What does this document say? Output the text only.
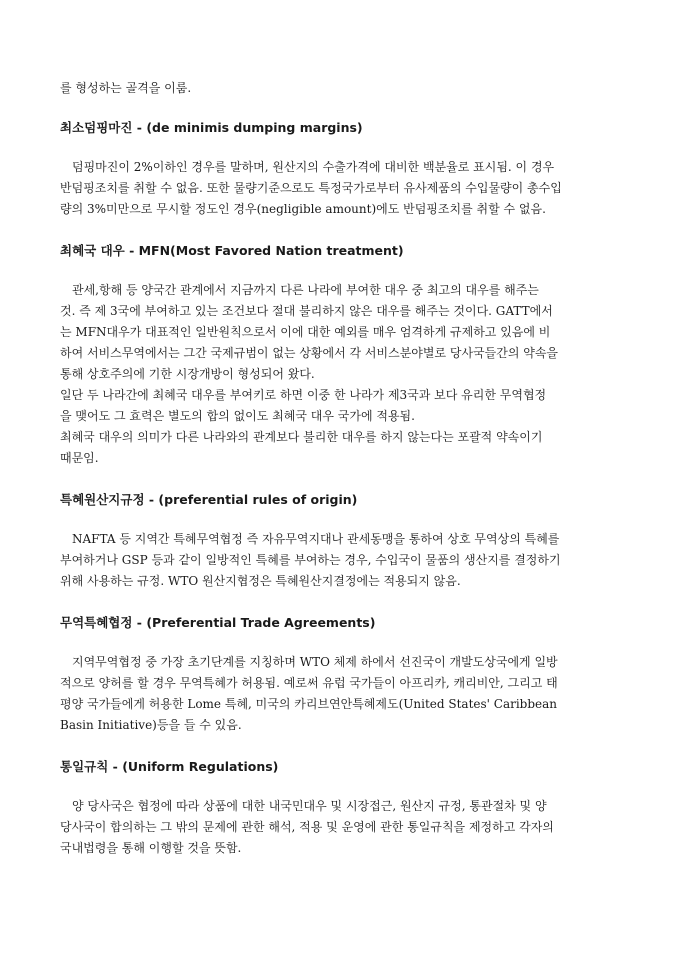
를 형성하는 골격을 이룸.

최소덤핑마진 - (de minimis dumping margins)

덤핑마진이 2%이하인 경우를 말하며, 원산지의 수출가격에 대비한 백분율로 표시됨. 이 경우
반덤핑조치를 취할 수 없음. 또한 물량기준으로도 특정국가로부터 유사제품의 수입물량이 총수입
량의 3%미만으로 무시할 정도인 경우(negligible amount)에도 반덤핑조치를 취할 수 없음.

최혜국 대우 - MFN(Most Favored Nation treatment)

관세,항해 등 양국간 관계에서 지금까지 다른 나라에 부여한 대우 중 최고의 대우를 해주는
것. 즉 제 3국에 부여하고 있는 조건보다 절대 불리하지 않은 대우를 해주는 것이다. GATT에서
는 MFN대우가 대표적인 일반원칙으로서 이에 대한 예외를 매우 엄격하게 규제하고 있음에 비
하여 서비스무역에서는 그간 국제규범이 없는 상황에서 각 서비스분야별로 당사국들간의 약속을
통해 상호주의에 기한 시장개방이 형성되어 왔다.
일단 두 나라간에 최혜국 대우를 부여키로 하면 이중 한 나라가 제3국과 보다 유리한 무역협정
을 맺어도 그 효력은 별도의 합의 없이도 최혜국 대우 국가에 적용됨.
최혜국 대우의 의미가 다른 나라와의 관계보다 불리한 대우를 하지 않는다는 포괄적 약속이기
때문임.

특혜원산지규정 - (preferential rules of origin)

NAFTA 등 지역간 특혜무역협정 즉 자유무역지대나 관세동맹을 통하여 상호 무역상의 특혜를
부여하거나 GSP 등과 같이 일방적인 특혜를 부여하는 경우, 수입국이 물품의 생산지를 결정하기
위해 사용하는 규정. WTO 원산지협정은 특혜원산지결정에는 적용되지 않음.

무역특혜협정 - (Preferential Trade Agreements)

지역무역협정 중 가장 초기단계를 지칭하며 WTO 체제 하에서 선진국이 개발도상국에게 일방
적으로 양허를 할 경우 무역특혜가 허용됨. 예로써 유럽 국가들이 아프리카, 캐리비안, 그리고 태
평양 국가들에게 허용한 Lome 특혜, 미국의 카리브연안특혜제도(United States' Caribbean
Basin Initiative)등을 들 수 있음.

통일규칙 - (Uniform Regulations)

양 당사국은 협정에 따라 상품에 대한 내국민대우 및 시장접근, 원산지 규정, 통관절차 및 양
당사국이 합의하는 그 밖의 문제에 관한 해석, 적용 및 운영에 관한 통일규칙을 제정하고 각자의
국내법령을 통해 이행할 것을 뜻함.
